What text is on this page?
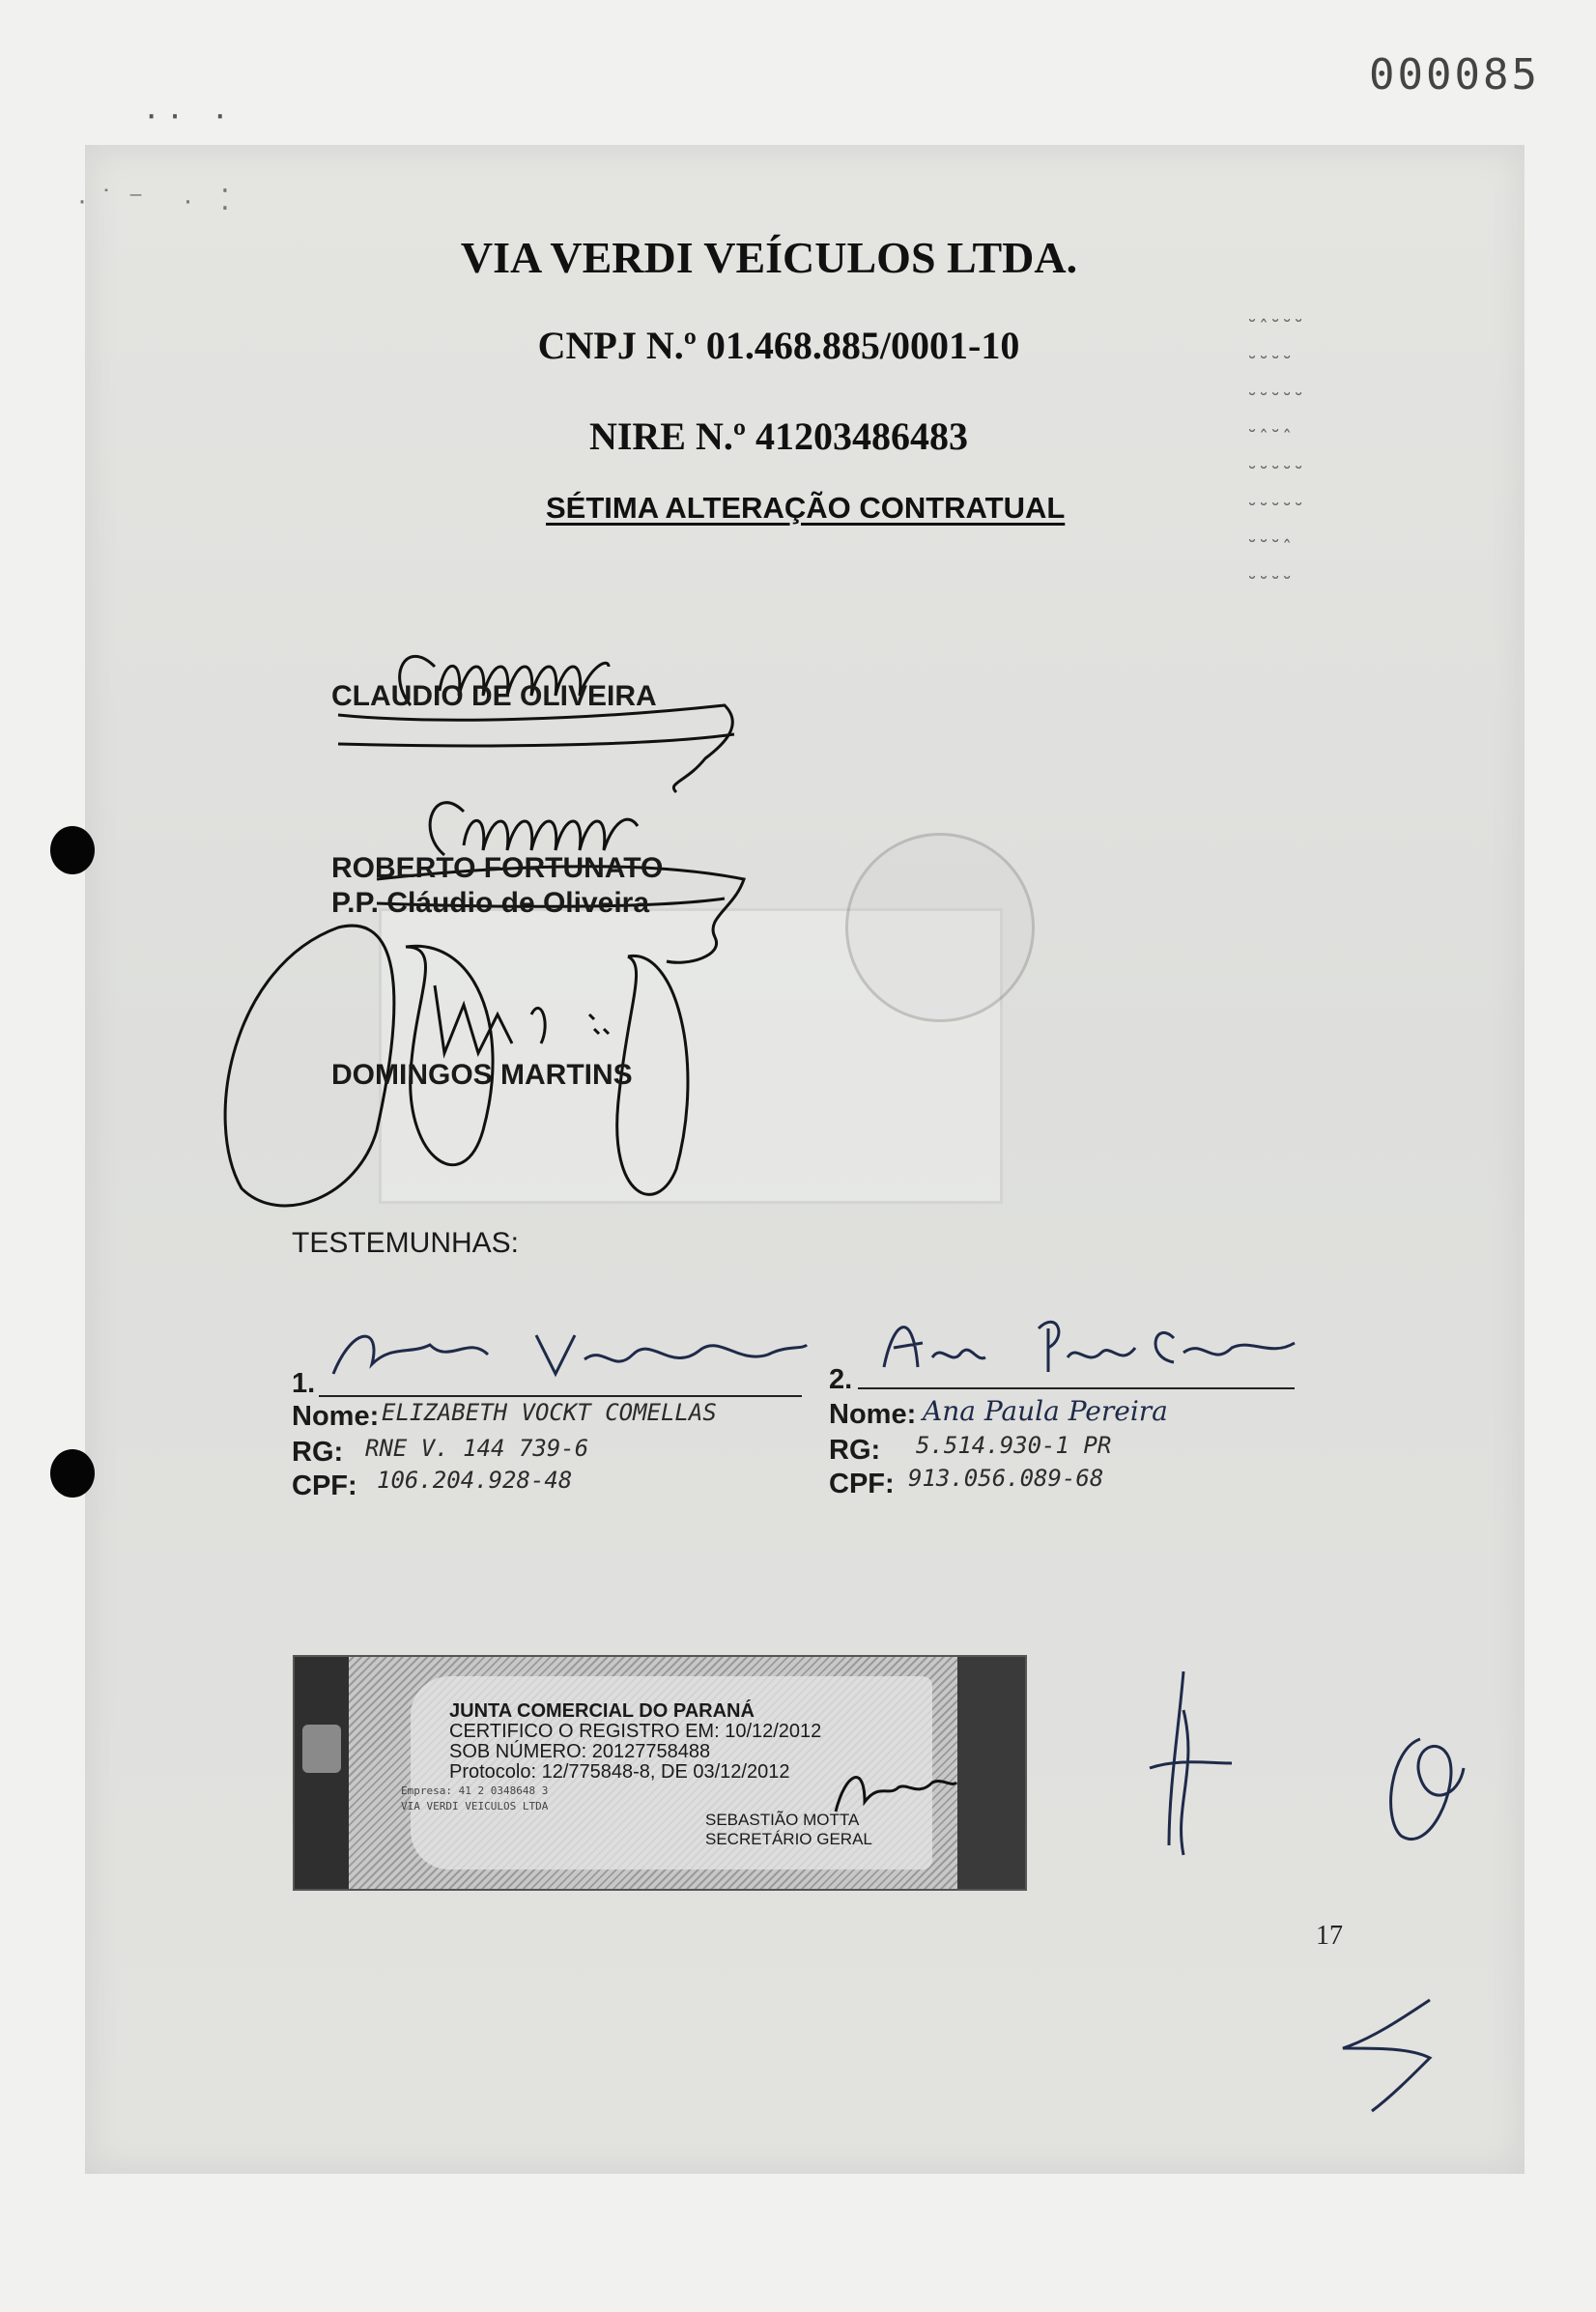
· ·   ·
000085
· ˙ ⁻   ·  ⁚
VIA VERDI VEÍCULOS LTDA.
CNPJ N.º 01.468.885/0001-10
NIRE N.º 41203486483
SÉTIMA ALTERAÇÃO CONTRATUAL
˘ˆ˘˘˘
˘˘˘˘
˘˘˘˘˘
˘ˆ˘ˆ
˘˘˘˘˘
˘˘˘˘˘
˘˘˘ˆ
˘˘˘˘
CLAUDIO DE OLIVEIRA
ROBERTO FORTUNATO
P.P. Cláudio de Oliveira
DOMINGOS MARTINS
TESTEMUNHAS:
1.
Nome: ELIZABETH VOCKT COMELLAS
RG: RNE V. 144 739-6
CPF: 106.204.928-48
2.
Nome: Ana Paula Pereira
RG: 5.514.930-1 PR
CPF: 913.056.089-68
JUNTA COMERCIAL DO PARANÁ
CERTIFICO O REGISTRO EM: 10/12/2012
SOB NÚMERO: 20127758488
Protocolo: 12/775848-8, DE 03/12/2012
Empresa: 41 2 0348648 3
VIA VERDI VEICULOS LTDA
SEBASTIÃO MOTTA
SECRETÁRIO GERAL
17
